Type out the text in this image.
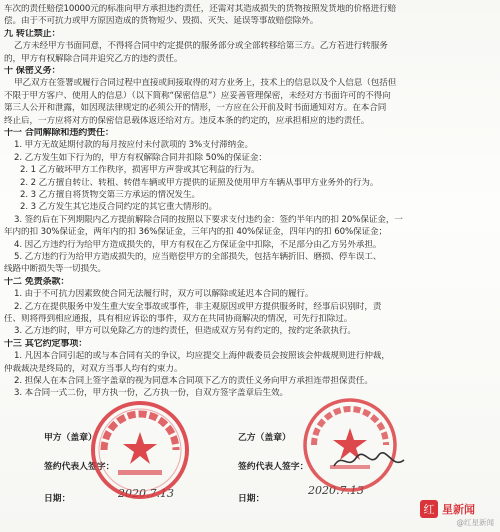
车次的责任赔偿10000元的标准向甲方承担违约责任，还需对其造成损失的货物按照发货地的价格进行赔
偿。由于不可抗力或甲方原因造成的货物短少、毁损、灭失、延误等事故赔偿除外。
九 转让禁止：
乙方未经甲方书面同意，不得将合同中约定提供的服务部分或全部转移给第三方。乙方若进行转服务
的，甲方有权解除合同并追究乙方的违约责任。
十 保密义务：
甲乙双方在签署或履行合同过程中直接或间接取得的对方业务上，技术上的信息以及个人信息（包括但
不限于甲方客户、使用人的信息）（以下简称“保密信息”）应妥善管理保密，未经对方书面许可的不得向
第三人公开和泄露，如因现法律规定的必须公开的情形，一方应在公开前及时书面通知对方。在本合同
终止后，一方应将对方的保密信息载体返还给对方。违反本条的约定的，应承担相应的违约责任。
十一 合同解除和违约责任：
1. 甲方无故延期付款的每月按应付未付款项的 3%支付滞纳金。
2. 乙方发生如下行为的，甲方有权解除合同并扣除 50%的保证金：
2. 1 乙方破坏甲方工作秩序，损害甲方声誉或其它利益的行为。
2. 2 乙方擅自转让、转租、转借车辆或甲方提供的证照及使用甲方车辆从事甲方业务外的行为。
2. 3 乙方擅自将货物交第三方承运的情况发生。
2. 3 乙方发生其它违反合同约定的其它重大情形的。
3. 签约后在下列期限内乙方提前解除合同的按照以下要求支付违约金：签约半年内的扣 20%保证金，一
年内的扣 30%保证金，两年内的扣 36%保证金，三年内的扣 40%保证金，四年内的扣 60%保证金；
4. 因乙方违约行为给甲方造成损失的，甲方有权在乙方保证金中扣除，不足部分由乙方另外承担。
5. 乙方违约行为给甲方造成损失的，应当赔偿甲方的全部损失，包括车辆折旧、磨损、停车误工、
线路中断损失等一切损失。
十二 免责条款：
1. 由于不可抗力因素致使合同无法履行时，双方可以解除或延迟本合同的履行。
2. 乙方在提供服务中发生重大安全事故或事件，非主观原因或甲方提供服务时，经事后识别时，责
任、则将得到相应通报，具有相应诉讼的事件，双方在共同协商解决的情况，可先行扣除过。
3. 乙方违约时，甲方可以免除乙方的违约责任，但造成双方另有约定的，按约定条款执行。
十三 其它约定事项：
1. 凡因本合同引起的或与本合同有关的争议，均应提交上海仲裁委员会按照该会仲裁规则进行仲裁，
仲裁裁决是终局的，对双方当事人均有约束力。
2. 担保人在本合同上签字盖章的视为同意本合同项下乙方的责任义务向甲方承担连带担保责任。
3. 本合同一式二份，甲方执一份，乙方执一份，自双方签字盖章后生效。
甲方（盖章）
签约代表人签字：
日期：	2020.7.13
乙方（盖章）
签约代表人签字：
日期：
2020.7.13
红 星新闻
@红星新闻
